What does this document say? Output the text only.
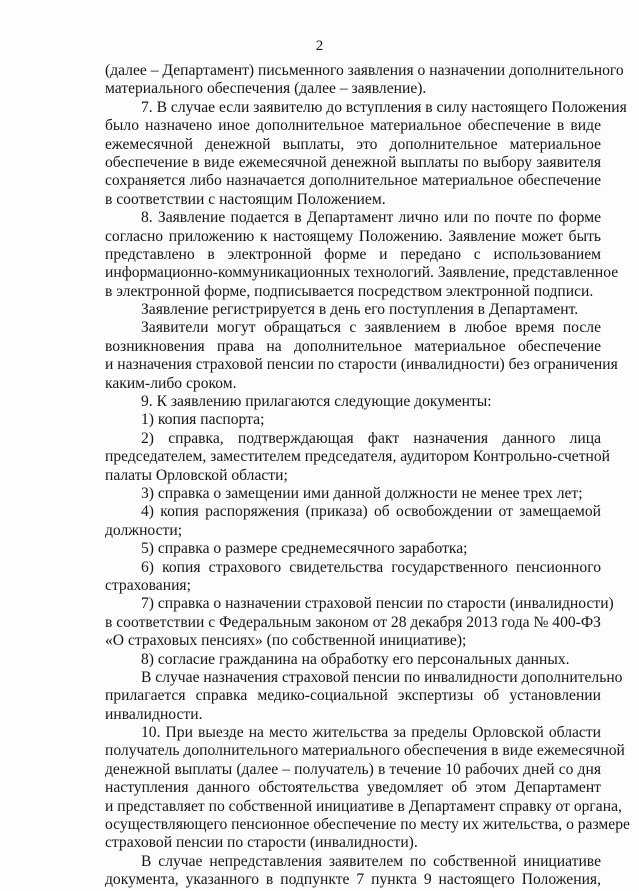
2
(далее – Департамент) письменного заявления о назначении дополнительного
материального обеспечения (далее – заявление).
7. В случае если заявителю до вступления в силу настоящего Положения
было назначено иное дополнительное материальное обеспечение в виде
ежемесячной денежной выплаты, это дополнительное материальное
обеспечение в виде ежемесячной денежной выплаты по выбору заявителя
сохраняется либо назначается дополнительное материальное обеспечение
в соответствии с настоящим Положением.
8. Заявление подается в Департамент лично или по почте по форме
согласно приложению к настоящему Положению. Заявление может быть
представлено в электронной форме и передано с использованием
информационно-коммуникационных технологий. Заявление, представленное
в электронной форме, подписывается посредством электронной подписи.
Заявление регистрируется в день его поступления в Департамент.
Заявители могут обращаться с заявлением в любое время после
возникновения права на дополнительное материальное обеспечение
и назначения страховой пенсии по старости (инвалидности) без ограничения
каким-либо сроком.
9. К заявлению прилагаются следующие документы:
1) копия паспорта;
2) справка, подтверждающая факт назначения данного лица
председателем, заместителем председателя, аудитором Контрольно-счетной
палаты Орловской области;
3) справка о замещении ими данной должности не менее трех лет;
4) копия распоряжения (приказа) об освобождении от замещаемой
должности;
5) справка о размере среднемесячного заработка;
6) копия страхового свидетельства государственного пенсионного
страхования;
7) справка о назначении страховой пенсии по старости (инвалидности)
в соответствии с Федеральным законом от 28 декабря 2013 года № 400-ФЗ
«О страховых пенсиях» (по собственной инициативе);
8) согласие гражданина на обработку его персональных данных.
В случае назначения страховой пенсии по инвалидности дополнительно
прилагается справка медико-социальной экспертизы об установлении
инвалидности.
10. При выезде на место жительства за пределы Орловской области
получатель дополнительного материального обеспечения в виде ежемесячной
денежной выплаты (далее – получатель) в течение 10 рабочих дней со дня
наступления данного обстоятельства уведомляет об этом Департамент
и представляет по собственной инициативе в Департамент справку от органа,
осуществляющего пенсионное обеспечение по месту их жительства, о размере
страховой пенсии по старости (инвалидности).
В случае непредставления заявителем по собственной инициативе
документа, указанного в подпункте 7 пункта 9 настоящего Положения,
